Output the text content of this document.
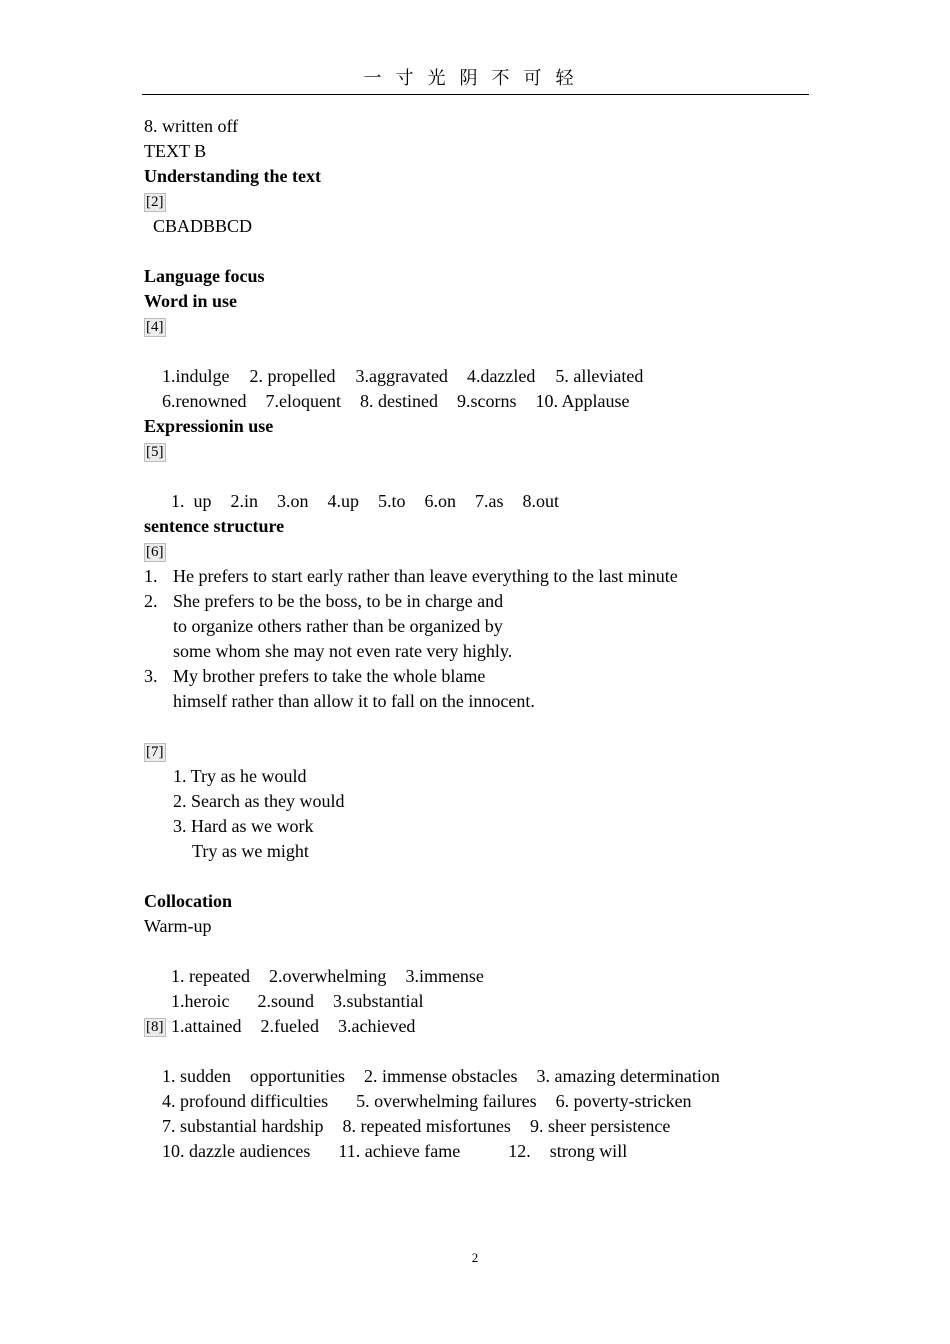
一寸光阴不可轻
8. written off
TEXT B
Understanding the text
[2]
CBADBBCD
Language focus
Word in use
[4]

1.indulge 2. propelled 3.aggravated 4.dazzled 5. alleviated

6.renowned 7.eloquent 8. destined 9.scorns 10. Applause

Expressionin use
[5]

1.  up 2.in 3.on 4.up 5.to 6.on 7.as 8.out

sentence structure
[6]
1. He prefers to start early rather than leave everything to the last minute
2. She prefers to be the boss, to be in charge and
to organize others rather than be organized by
some whom she may not even rate very highly.
3. My brother prefers to take the whole blame
himself rather than allow it to fall on the innocent.
[7]
1. Try as he would
2. Search as they would
3. Hard as we work
Try as we might
Collocation
Warm-up

1. repeated 2.overwhelming 3.immense

1.heroic 2.sound 3.substantial

1.attained 2.fueled 3.achieved

[8]

1. sudden opportunities 2. immense obstacles 3. amazing determination

4. profound difficulties 5. overwhelming failures 6. poverty-stricken

7. substantial hardship 8. repeated misfortunes 9. sheer persistence

10. dazzle audiences 11. achieve fame	12. strong will

2
